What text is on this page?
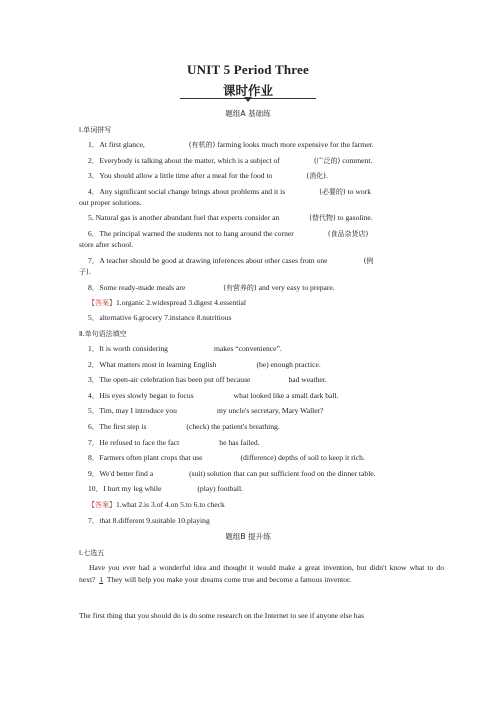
UNIT 5 Period Three
课时作业
题组A 基础练
Ⅰ.单词拼写
1．At first glance,	(有机的) farming looks much more expensive for the farmer.
2．Everybody is talking about the matter, which is a subject of	(广泛的) comment.
3．You should allow a little time after a meal for the food to	(消化).
4．Any significant social change brings about problems and it is	(必要的) to work
out proper solutions.
5. Natural gas is another abundant fuel that experts consider an	(替代物) to gasoline.
6．The principal warned the students not to hang around the corner	(食品杂货店)
store after school.
7．A teacher should be good at drawing inferences about other cases from one	(例
子).
8．Some ready-made meals are	(有营养的) and very easy to prepare.
【答案】1.organic 2.widespread 3.digest 4.essential
5．alternative 6.grocery 7.instance 8.nutritious
Ⅱ.单句语法填空
1．It is worth considering	makes “convenience”.
2．What matters most in learning English	(be) enough practice.
3．The open-air celebration has been put off because	bad weather.
4．His eyes slowly began to focus	what looked like a small dark ball.
5．Tim, may I introduce you	my uncle's secretary, Mary Waller?
6．The first step is	(check) the patient's breathing.
7．He refused to face the fact	he has failed.
8．Farmers often plant crops that use	(difference) depths of soil to keep it rich.
9．We'd better find a	(suit) solution that can put sufficient food on the dinner table.
10．I hurt my leg while	(play) football.
【答案】1.what 2.is 3.of 4.on 5.to 6.to check
7．that 8.different 9.suitable 10.playing
题组B 提升练
Ⅰ.七选五
Have you ever had a wonderful idea and thought it would make a great invention, but didn't know what to do next? 1 They will help you make your dreams come true and become a famous inventor.
The first thing that you should do is do some research on the Internet to see if anyone else has
